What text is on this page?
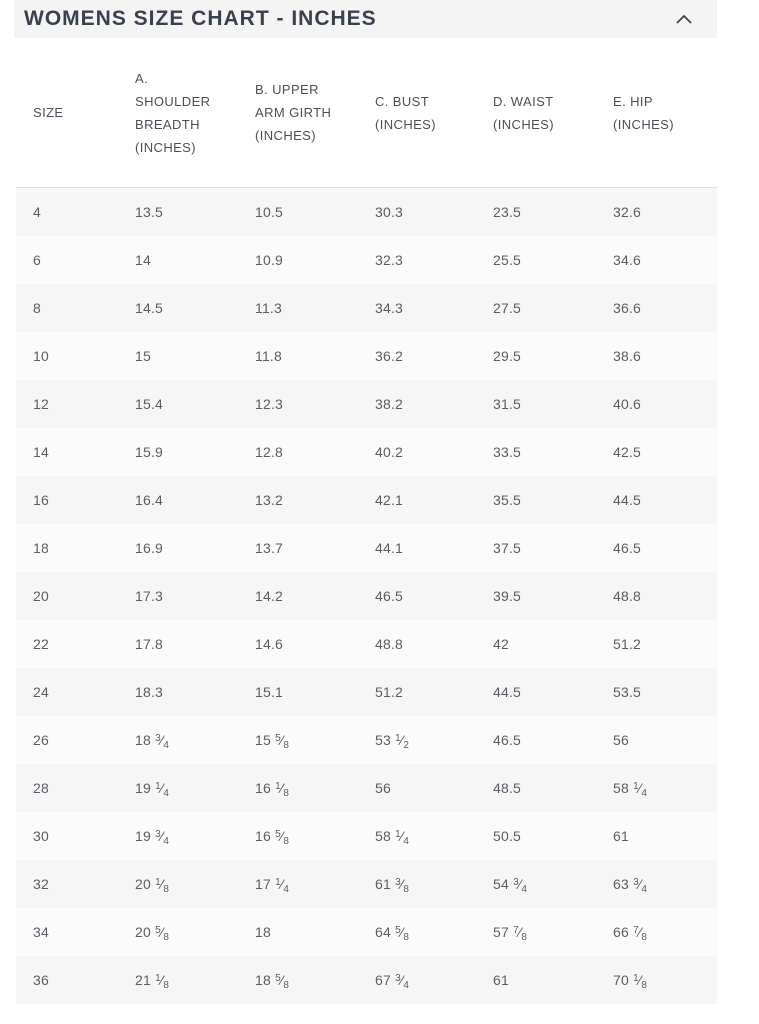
WOMENS SIZE CHART - INCHES
SIZE	A. SHOULDER BREADTH (INCHES)	B. UPPER ARM GIRTH (INCHES)	C. BUST (INCHES)	D. WAIST (INCHES)	E. HIP (INCHES)
4	13.5	10.5	30.3	23.5	32.6
6	14	10.9	32.3	25.5	34.6
8	14.5	11.3	34.3	27.5	36.6
10	15	11.8	36.2	29.5	38.6
12	15.4	12.3	38.2	31.5	40.6
14	15.9	12.8	40.2	33.5	42.5
16	16.4	13.2	42.1	35.5	44.5
18	16.9	13.7	44.1	37.5	46.5
20	17.3	14.2	46.5	39.5	48.8
22	17.8	14.6	48.8	42	51.2
24	18.3	15.1	51.2	44.5	53.5
26	18 $^3⁄_4$	15 $^5⁄_8$	53 $^1⁄_2$	46.5	56
28	19 $^1⁄_4$	16 $^1⁄_8$	56	48.5	58 $^1⁄_4$
30	19 $^3⁄_4$	16 $^5⁄_8$	58 $^1⁄_4$	50.5	61
32	20 $^1⁄_8$	17 $^1⁄_4$	61 $^3⁄_8$	54 $^3⁄_4$	63 $^3⁄_4$
34	20 $^5⁄_8$	18	64 $^5⁄_8$	57 $^7⁄_8$	66 $^7⁄_8$
36	21 $^1⁄_8$	18 $^5⁄_8$	67 $^3⁄_4$	61	70 $^1⁄_8$
